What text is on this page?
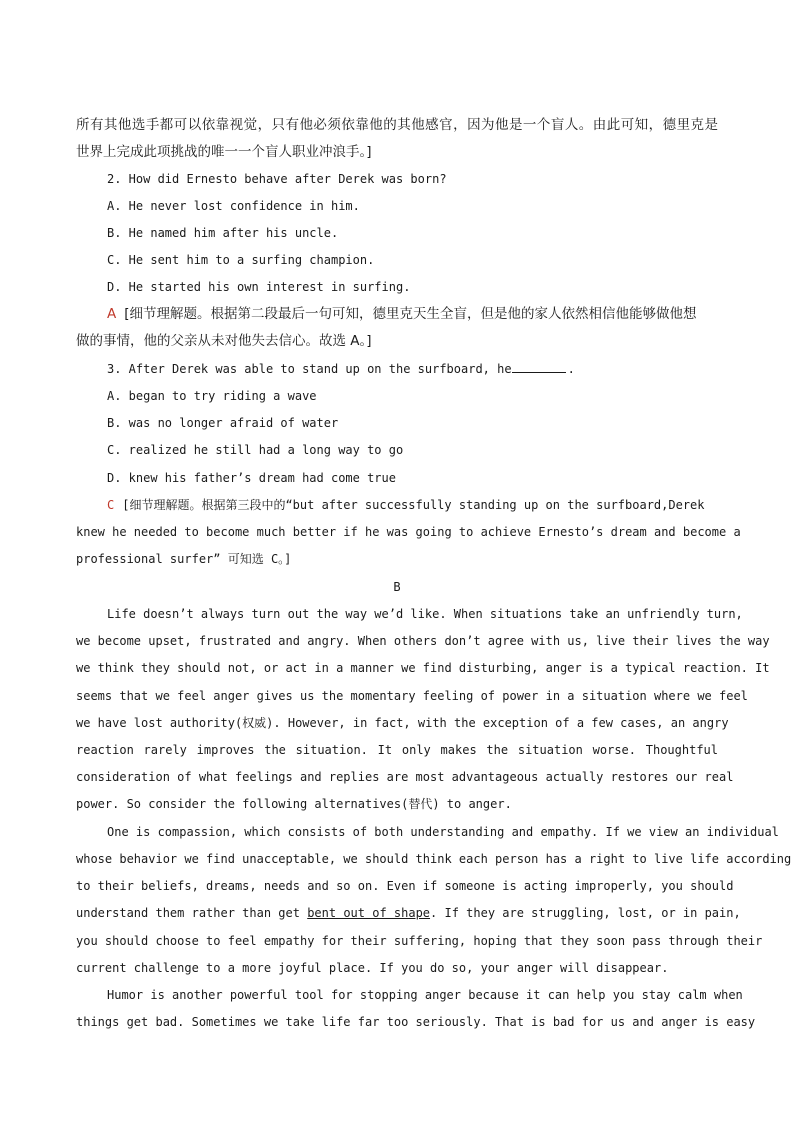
所有其他选手都可以依靠视觉，只有他必须依靠他的其他感官，因为他是一个盲人。由此可知，德里克是
世界上完成此项挑战的唯一一个盲人职业冲浪手。]
2. How did Ernesto behave after Derek was born?
A. He never lost confidence in him.
B. He named him after his uncle.
C. He sent him to a surfing champion.
D. He started his own interest in surfing.
A [细节理解题。根据第二段最后一句可知，德里克天生全盲，但是他的家人依然相信他能够做他想
做的事情，他的父亲从未对他失去信心。故选 A。]
3. After Derek was able to stand up on the surfboard, he	.
A. began to try riding a wave
B. was no longer afraid of water
C. realized he still had a long way to go
D. knew his father’s dream had come true
C [细节理解题。根据第三段中的“but after successfully standing up on the surfboard,Derek
knew he needed to become much better if he was going to achieve Ernesto’s dream and become a
professional surfer” 可知选 C。]
B
Life doesn’t always turn out the way we’d like. When situations take an unfriendly turn,
we become upset, frustrated and angry. When others don’t agree with us, live their lives the way
we think they should not, or act in a manner we find disturbing, anger is a typical reaction. It
seems that we feel anger gives us the momentary feeling of power in a situation where we feel
we have lost authority(权威). However, in fact, with the exception of a few cases, an angry
reaction rarely improves the situation. It only makes the situation worse. Thoughtful
consideration of what feelings and replies are most advantageous actually restores our real
power. So consider the following alternatives(替代) to anger.
One is compassion, which consists of both understanding and empathy. If we view an individual
whose behavior we find unacceptable, we should think each person has a right to live life according
to their beliefs, dreams, needs and so on. Even if someone is acting improperly, you should
understand them rather than get bent out of shape. If they are struggling, lost, or in pain,
you should choose to feel empathy for their suffering, hoping that they soon pass through their
current challenge to a more joyful place. If you do so, your anger will disappear.
Humor is another powerful tool for stopping anger because it can help you stay calm when
things get bad. Sometimes we take life far too seriously. That is bad for us and anger is easy
